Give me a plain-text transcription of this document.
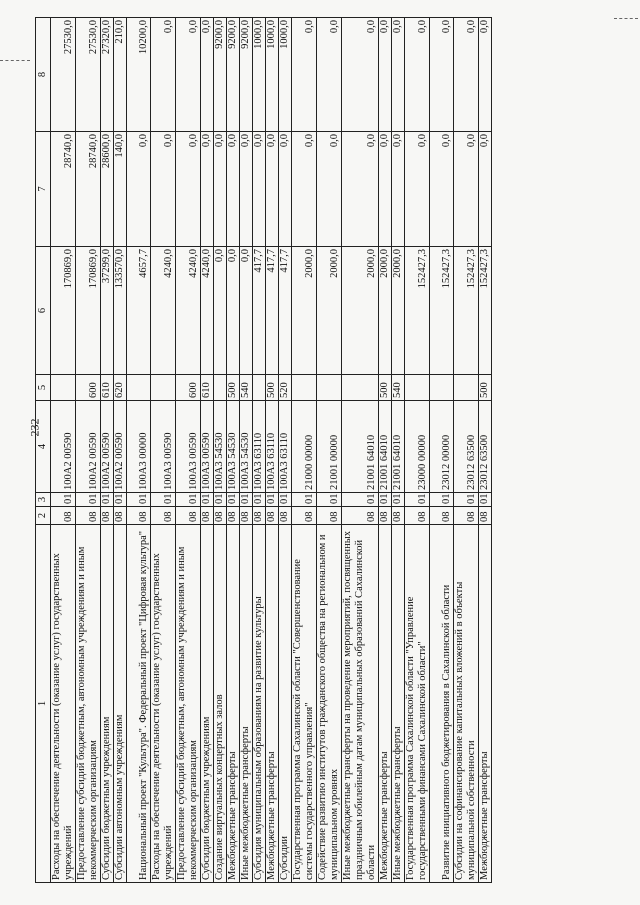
232
1	2	3	4	5	6	7	8
Расходы на обеспечение деятельности (оказание услуг) государственных учреждений	08	01	100А2 00590		170869,0	28740,0	27530,0
Предоставление субсидий бюджетным, автономным учреждениям и иным некоммерческим организациям	08	01	100А2 00590	600	170869,0	28740,0	27530,0
Субсидии бюджетным учреждениям	08	01	100А2 00590	610	37299,0	28600,0	27320,0
Субсидии автономным учреждениям	08	01	100А2 00590	620	133570,0	140,0	210,0
Национальный проект "Культура". Федеральный проект "Цифровая культура"	08	01	100А3 00000		4657,7	0,0	10200,0
Расходы на обеспечение деятельности (оказание услуг) государственных учреждений	08	01	100А3 00590		4240,0	0,0	0,0
Предоставление субсидий бюджетным, автономным учреждениям и иным некоммерческим организациям	08	01	100А3 00590	600	4240,0	0,0	0,0
Субсидии бюджетным учреждениям	08	01	100А3 00590	610	4240,0	0,0	0,0
Создание виртуальных концертных залов	08	01	100А3 54530		0,0	0,0	9200,0
Межбюджетные трансферты	08	01	100А3 54530	500	0,0	0,0	9200,0
Иные межбюджетные трансферты	08	01	100А3 54530	540	0,0	0,0	9200,0
Субсидия муниципальным образованиям на развитие культуры	08	01	100А3 63110		417,7	0,0	1000,0
Межбюджетные трансферты	08	01	100А3 63110	500	417,7	0,0	1000,0
Субсидии	08	01	100А3 63110	520	417,7	0,0	1000,0
Государственная программа Сахалинской области "Совершенствование системы государственного управления"	08	01	21000 00000		2000,0	0,0	0,0
Содействие развитию институтов гражданского общества на региональном и муниципальном уровнях	08	01	21001 00000		2000,0	0,0	0,0
Иные межбюджетные трансферты на проведение мероприятий, посвященных праздничным юбилейным датам муниципальных образований Сахалинской области	08	01	21001 64010		2000,0	0,0	0,0
Межбюджетные трансферты	08	01	21001 64010	500	2000,0	0,0	0,0
Иные межбюджетные трансферты	08	01	21001 64010	540	2000,0	0,0	0,0
Государственная программа Сахалинской области "Управление государственными финансами Сахалинской области"	08	01	23000 00000		152427,3	0,0	0,0
Развитие инициативного бюджетирования в Сахалинской области	08	01	23012 00000		152427,3	0,0	0,0
Субсидии на софинансирование капитальных вложений в объекты муниципальной собственности	08	01	23012 63500		152427,3	0,0	0,0
Межбюджетные трансферты	08	01	23012 63500	500	152427,3	0,0	0,0
